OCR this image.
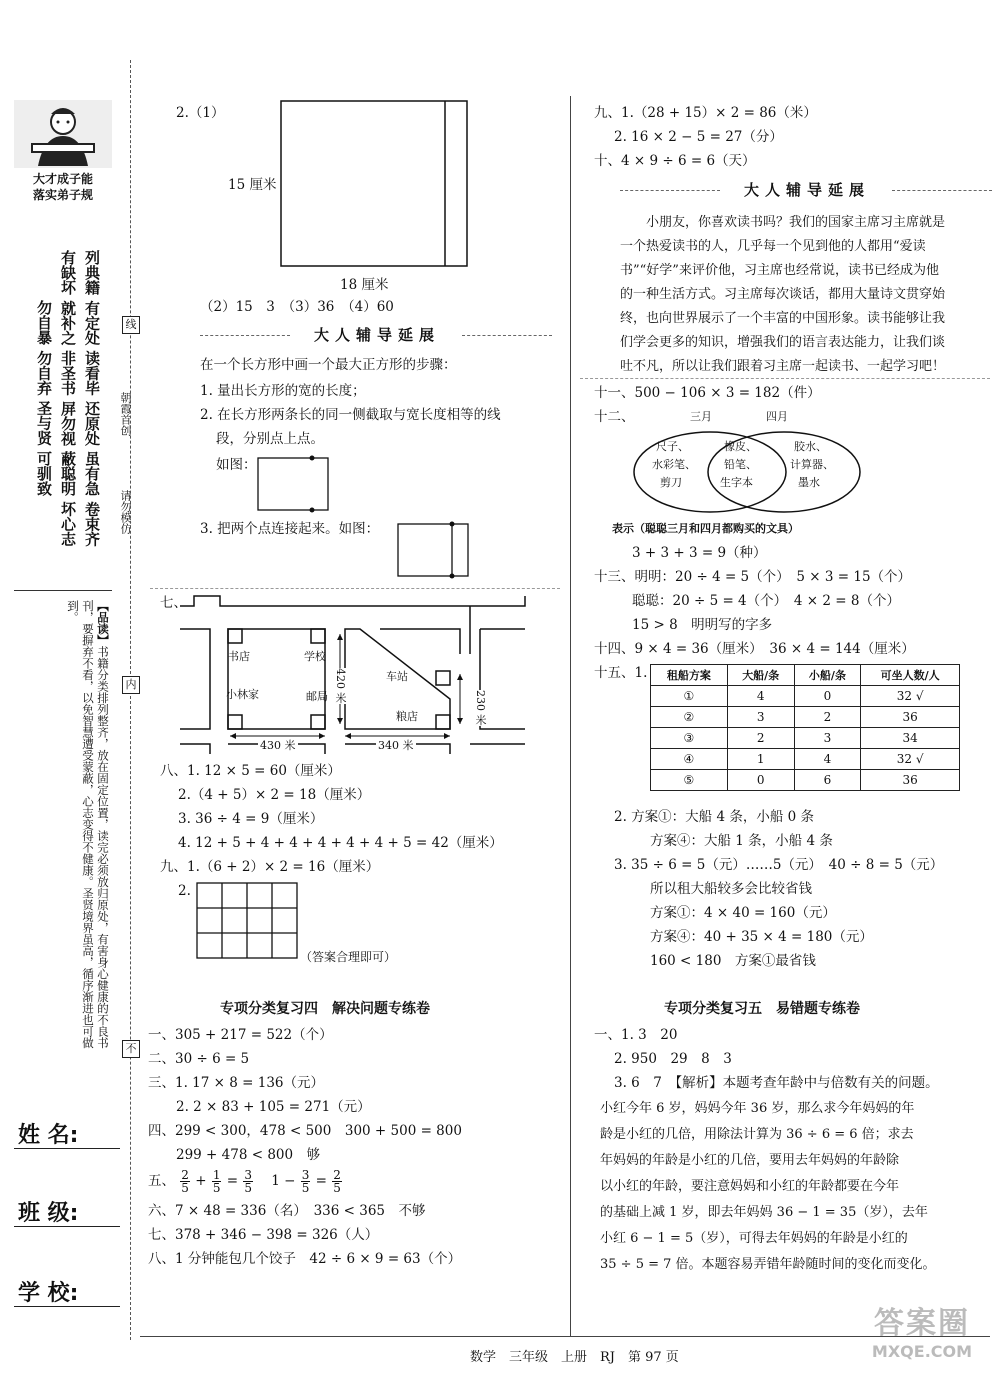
大才成子能
落实弟子规
列典籍 有定处 读看毕 还原处 虽有急 卷束齐
有缺坏 就补之 非圣书 屏勿视 蔽聪明 坏心志
勿自暴 勿自弃 圣与贤 可驯致
【品读】书籍分类排列整齐，放在固定位置，读完必须放归原处，有害身心健康的不良书刊，要摒弃不看，以免智慧遭受蒙蔽，心志变得不健康。圣贤境界虽高，循序渐进也可做到。
朝霞首创
请勿模仿
线
内
不
姓 名:
班 级:
学 校:
2.（1）
15 厘米
18 厘米
（2）15　3　（3）36　（4）60
大人辅导延展
在一个长方形中画一个最大正方形的步骤：
1. 量出长方形的宽的长度；
2. 在长方形两条长的同一侧截取与宽长度相等的线
段，分别点上点。
如图：
3. 把两个点连接起来。如图：
七、
书店	学校
小林家	邮局
车站
粮店
430 米	340 米
420 米
230 米
八、1. 12 × 5 = 60（厘米）
2.（4 + 5）× 2 = 18（厘米）
3. 36 ÷ 4 = 9（厘米）
4. 12 + 5 + 4 + 4 + 4 + 4 + 4 + 5 = 42（厘米）
九、1.（6 + 2）× 2 = 16（厘米）
2.
（答案合理即可）
专项分类复习四　解决问题专练卷
一、305 + 217 = 522（个）
二、30 ÷ 6 = 5
三、1. 17 × 8 = 136（元）
2. 2 × 83 + 105 = 271（元）
四、299 < 300，478 < 500　300 + 500 = 800
299 + 478 < 800　够
五、 $\frac{2}{5} + \frac{1}{5} = \frac{3}{5} 1 - \frac{3}{5} = \frac{2}{5}$
六、7 × 48 = 336（名）　336 < 365　不够
七、378 + 346 − 398 = 326（人）
八、1 分钟能包几个饺子　42 ÷ 6 × 9 = 63（个）
九、1.（28 + 15）× 2 = 86（米）
2. 16 × 2 − 5 = 27（分）
十、4 × 9 ÷ 6 = 6（天）
大人辅导延展
小朋友，你喜欢读书吗？我们的国家主席习主席就是
一个热爱读书的人，几乎每一个见到他的人都用“爱读
书”“好学”来评价他，习主席也经常说，读书已经成为他
的一种生活方式。习主席每次谈话，都用大量诗文贯穿始
终，也向世界展示了一个丰富的中国形象。读书能够让我
们学会更多的知识，增强我们的语言表达能力，让我们谈
吐不凡，所以让我们跟着习主席一起读书、一起学习吧！
十一、500 − 106 × 3 = 182（件）
十二、	三月	四月
尺子、
水彩笔、
剪刀
橡皮、
铅笔、
生字本
胶水、
计算器、
墨水
表示（聪聪三月和四月都购买的文具）
3 + 3 + 3 = 9（种）
十三、明明：20 ÷ 4 = 5（个）　5 × 3 = 15（个）
聪聪：20 ÷ 5 = 4（个）　4 × 2 = 8（个）
15 > 8　明明写的字多
十四、9 × 4 = 36（厘米）　36 × 4 = 144（厘米）
十五、1. 租船方案	大船/条	小船/条	可坐人数/人
①	4	0	32 √
②	3	2	36
③	2	3	34
④	1	4	32 √
⑤	0	6	36
2. 方案①：大船 4 条，小船 0 条
方案④：大船 1 条，小船 4 条
3. 35 ÷ 6 = 5（元）……5（元）　40 ÷ 8 = 5（元）
所以租大船较多会比较省钱
方案①：4 × 40 = 160（元）
方案④：40 + 35 × 4 = 180（元）
160 < 180　方案①最省钱
专项分类复习五　易错题专练卷
一、1. 3　20
2. 950　29　8　3
3. 6　7　【解析】本题考查年龄中与倍数有关的问题。
小红今年 6 岁，妈妈今年 36 岁，那么求今年妈妈的年
龄是小红的几倍，用除法计算为 36 ÷ 6 = 6 倍；求去
年妈妈的年龄是小红的几倍，要用去年妈妈的年龄除
以小红的年龄，要注意妈妈和小红的年龄都要在今年
的基础上减 1 岁，即去年妈妈 36 − 1 = 35（岁），去年
小红 6 − 1 = 5（岁），可得去年妈妈的年龄是小红的
35 ÷ 5 = 7 倍。本题容易弄错年龄随时间的变化而变化。
数学　三年级　上册　RJ　第 97 页
答案圈
MXQE.COM
